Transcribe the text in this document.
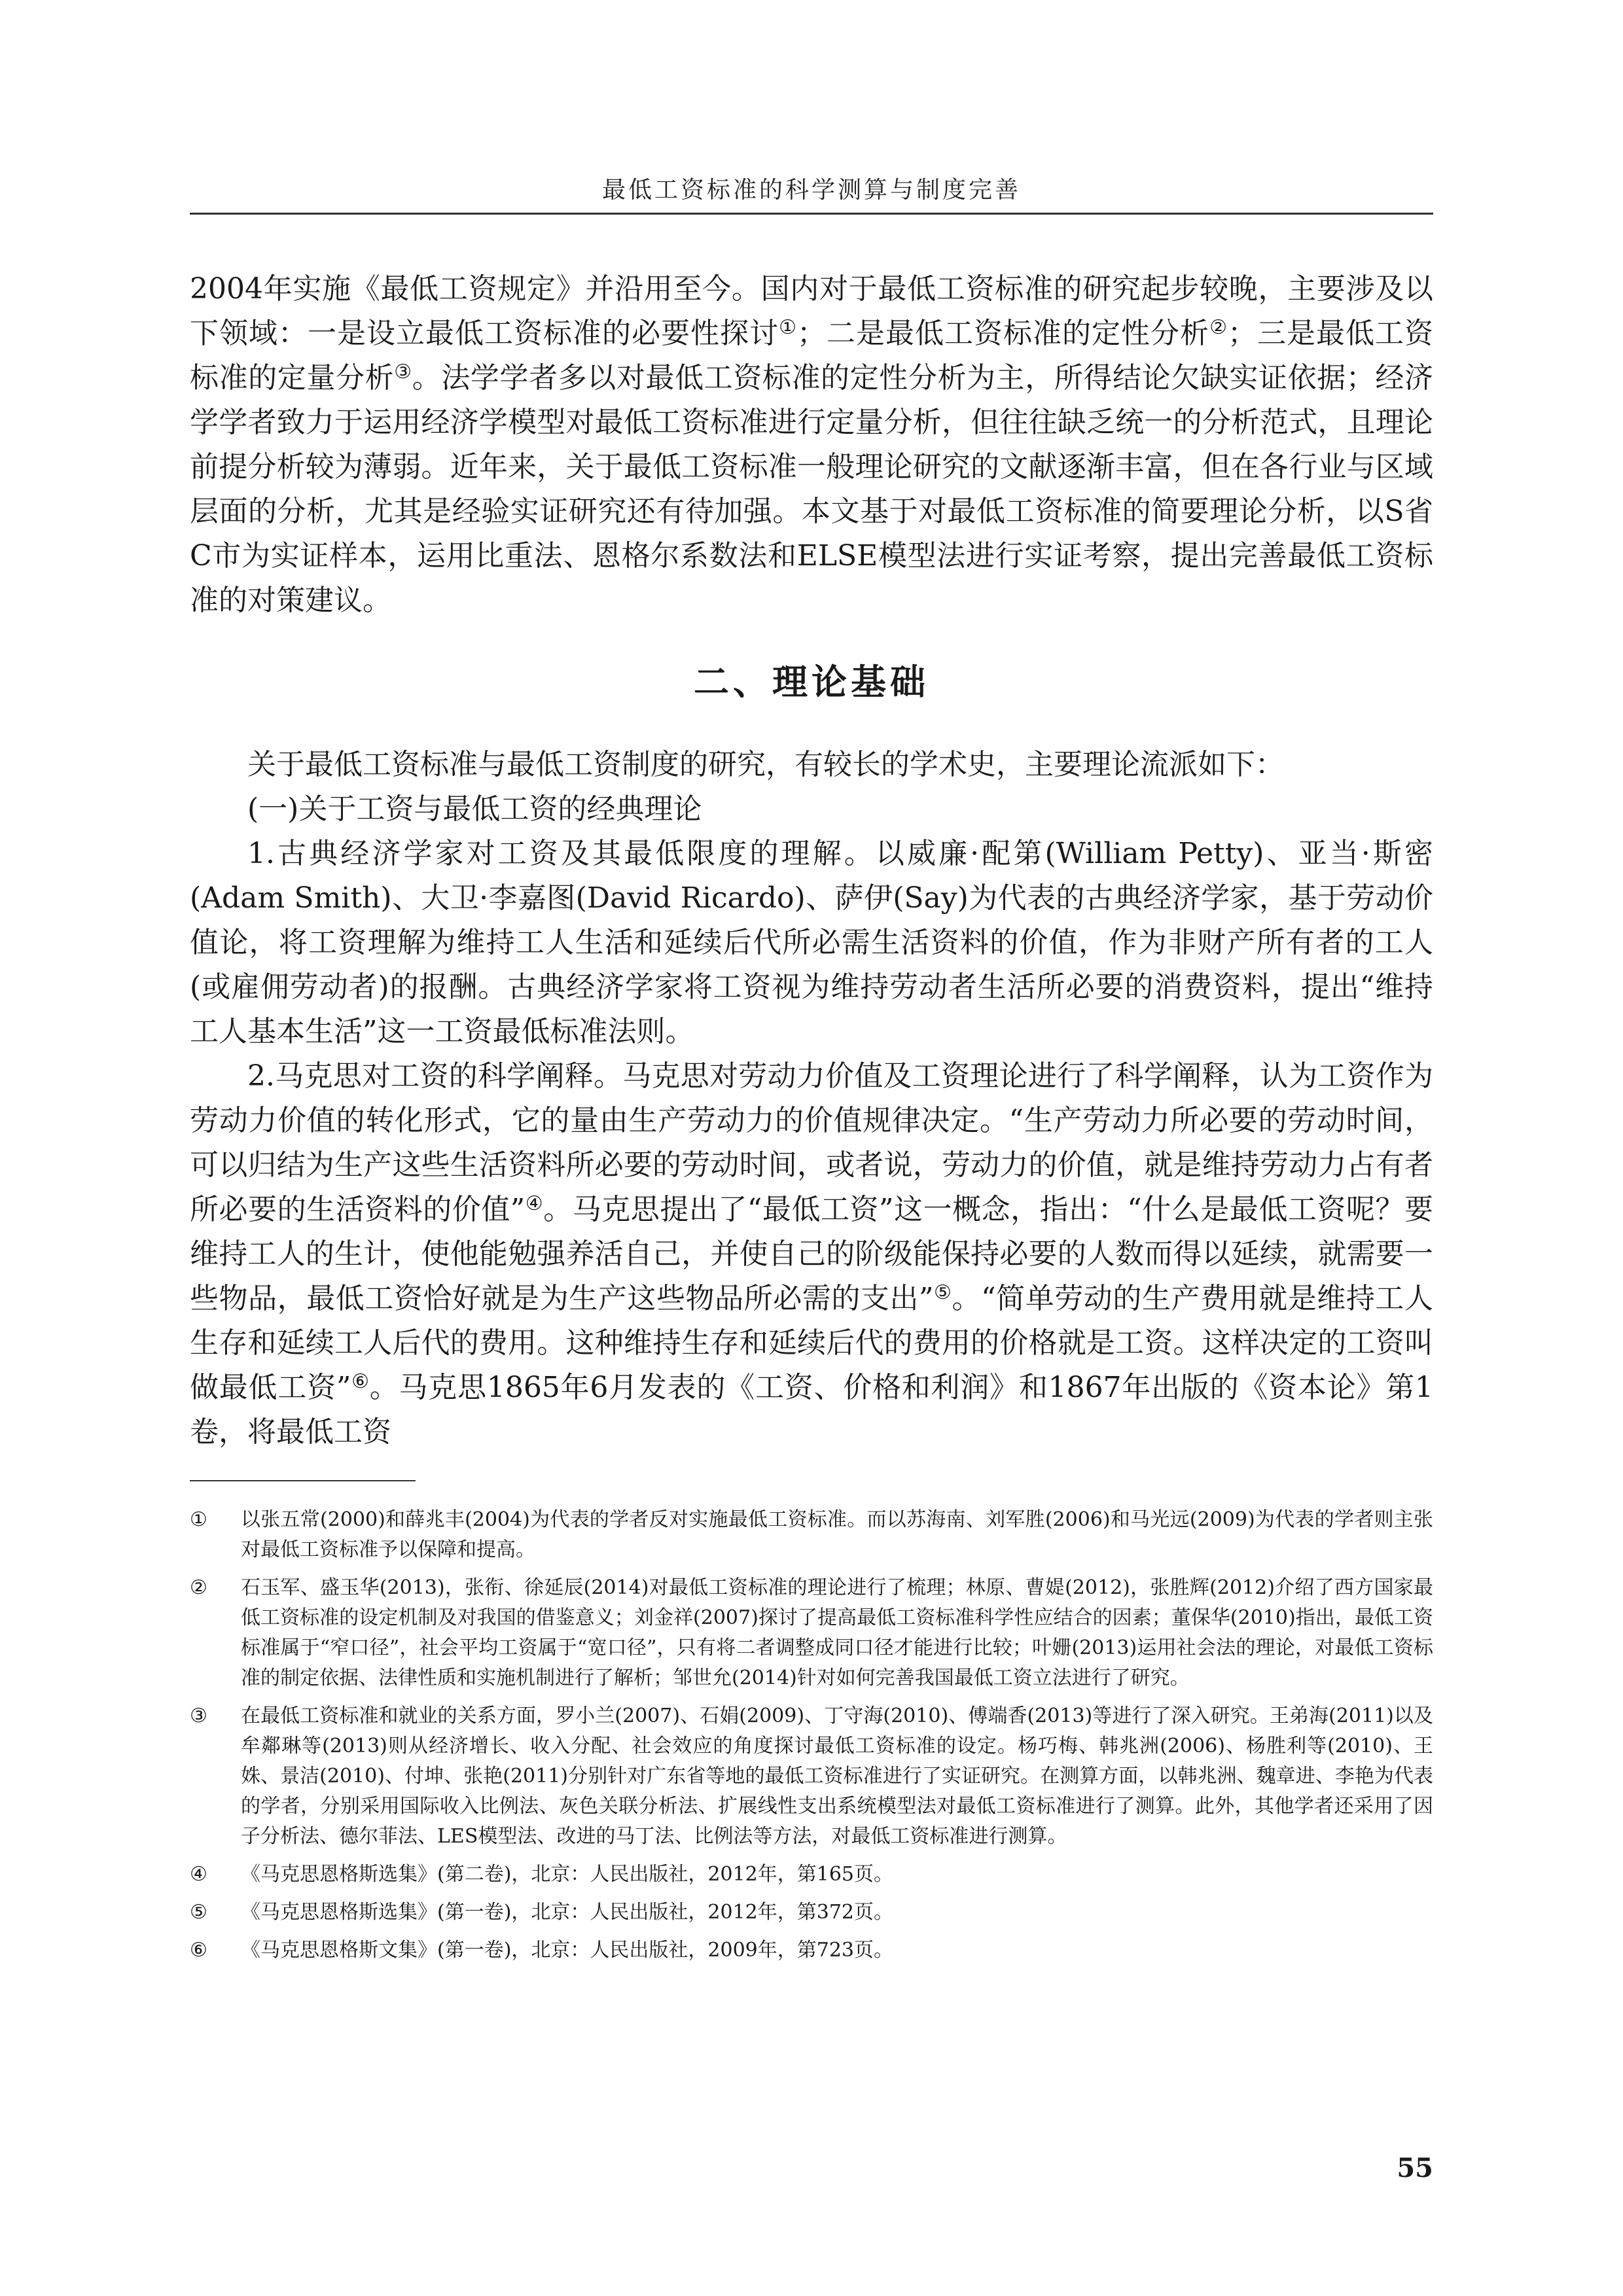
最低工资标准的科学测算与制度完善

2004年实施《最低工资规定》并沿用至今。国内对于最低工资标准的研究起步较晚，主要涉及以下领域：一是设立最低工资标准的必要性探讨①；二是最低工资标准的定性分析②；三是最低工资标准的定量分析③。法学学者多以对最低工资标准的定性分析为主，所得结论欠缺实证依据；经济学学者致力于运用经济学模型对最低工资标准进行定量分析，但往往缺乏统一的分析范式，且理论前提分析较为薄弱。近年来，关于最低工资标准一般理论研究的文献逐渐丰富，但在各行业与区域层面的分析，尤其是经验实证研究还有待加强。本文基于对最低工资标准的简要理论分析，以S省C市为实证样本，运用比重法、恩格尔系数法和ELSE模型法进行实证考察，提出完善最低工资标准的对策建议。

二、理论基础

关于最低工资标准与最低工资制度的研究，有较长的学术史，主要理论流派如下：

(一)关于工资与最低工资的经典理论

1.古典经济学家对工资及其最低限度的理解。以威廉·配第(William Petty)、亚当·斯密(Adam Smith)、大卫·李嘉图(David Ricardo)、萨伊(Say)为代表的古典经济学家，基于劳动价值论，将工资理解为维持工人生活和延续后代所必需生活资料的价值，作为非财产所有者的工人(或雇佣劳动者)的报酬。古典经济学家将工资视为维持劳动者生活所必要的消费资料，提出“维持工人基本生活”这一工资最低标准法则。

2.马克思对工资的科学阐释。马克思对劳动力价值及工资理论进行了科学阐释，认为工资作为劳动力价值的转化形式，它的量由生产劳动力的价值规律决定。“生产劳动力所必要的劳动时间，可以归结为生产这些生活资料所必要的劳动时间，或者说，劳动力的价值，就是维持劳动力占有者所必要的生活资料的价值”④。马克思提出了“最低工资”这一概念，指出：“什么是最低工资呢？要维持工人的生计，使他能勉强养活自己，并使自己的阶级能保持必要的人数而得以延续，就需要一些物品，最低工资恰好就是为生产这些物品所必需的支出”⑤。“简单劳动的生产费用就是维持工人生存和延续工人后代的费用。这种维持生存和延续后代的费用的价格就是工资。这样决定的工资叫做最低工资”⑥。马克思1865年6月发表的《工资、价格和利润》和1867年出版的《资本论》第1卷，将最低工资

①	以张五常(2000)和薛兆丰(2004)为代表的学者反对实施最低工资标准。而以苏海南、刘军胜(2006)和马光远(2009)为代表的学者则主张对最低工资标准予以保障和提高。
②	石玉军、盛玉华(2013)，张衔、徐延辰(2014)对最低工资标准的理论进行了梳理；林原、曹媞(2012)，张胜辉(2012)介绍了西方国家最低工资标准的设定机制及对我国的借鉴意义；刘金祥(2007)探讨了提高最低工资标准科学性应结合的因素；董保华(2010)指出，最低工资标准属于“窄口径”，社会平均工资属于“宽口径”，只有将二者调整成同口径才能进行比较；叶姗(2013)运用社会法的理论，对最低工资标准的制定依据、法律性质和实施机制进行了解析；邹世允(2014)针对如何完善我国最低工资立法进行了研究。
③	在最低工资标准和就业的关系方面，罗小兰(2007)、石娟(2009)、丁守海(2010)、傅端香(2013)等进行了深入研究。王弟海(2011)以及牟鄰琳等(2013)则从经济增长、收入分配、社会效应的角度探讨最低工资标准的设定。杨巧梅、韩兆洲(2006)、杨胜利等(2010)、王姝、景洁(2010)、付坤、张艳(2011)分别针对广东省等地的最低工资标准进行了实证研究。在测算方面，以韩兆洲、魏章进、李艳为代表的学者，分别采用国际收入比例法、灰色关联分析法、扩展线性支出系统模型法对最低工资标准进行了测算。此外，其他学者还采用了因子分析法、德尔菲法、LES模型法、改进的马丁法、比例法等方法，对最低工资标准进行测算。
④	《马克思恩格斯选集》(第二卷)，北京：人民出版社，2012年，第165页。
⑤	《马克思恩格斯选集》(第一卷)，北京：人民出版社，2012年，第372页。
⑥	《马克思恩格斯文集》(第一卷)，北京：人民出版社，2009年，第723页。
55
